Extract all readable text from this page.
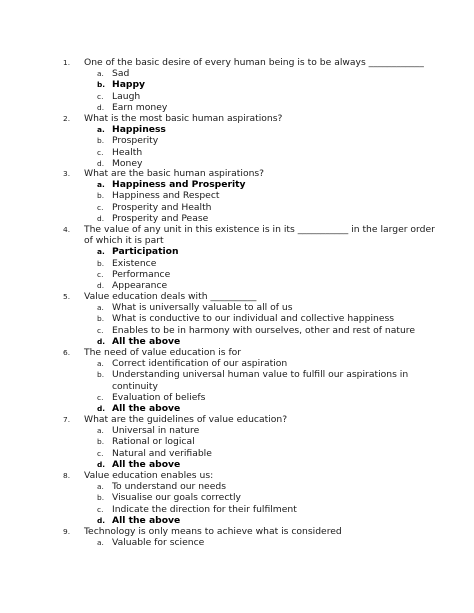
1.	One of the basic desire of every human being is to be always ____________
a. Sad
b. Happy
c. Laugh
d. Earn money
2.	What is the most basic human aspirations?
a. Happiness
b. Prosperity
c. Health
d. Money
3.	What are the basic human aspirations?
a. Happiness and Prosperity
b. Happiness and Respect
c. Prosperity and Health
d. Prosperity and Pease
4.	The value of any unit in this existence is in its ___________ in the larger order
of which it is part
a. Participation
b. Existence
c. Performance
d. Appearance
5.	Value education deals with __________
a. What is universally valuable to all of us
b. What is conductive to our individual and collective happiness
c. Enables to be in harmony with ourselves, other and rest of nature
d. All the above
6.	The need of value education is for
a. Correct identification of our aspiration
b. Understanding universal human value to fulfill our aspirations in
continuity
c. Evaluation of beliefs
d. All the above
7.	What are the guidelines of value education?
a. Universal in nature
b. Rational or logical
c. Natural and verifiable
d. All the above
8.	Value education enables us:
a. To understand our needs
b. Visualise our goals correctly
c. Indicate the direction for their fulfilment
d. All the above
9.	Technology is only means to achieve what is considered
a. Valuable for science
